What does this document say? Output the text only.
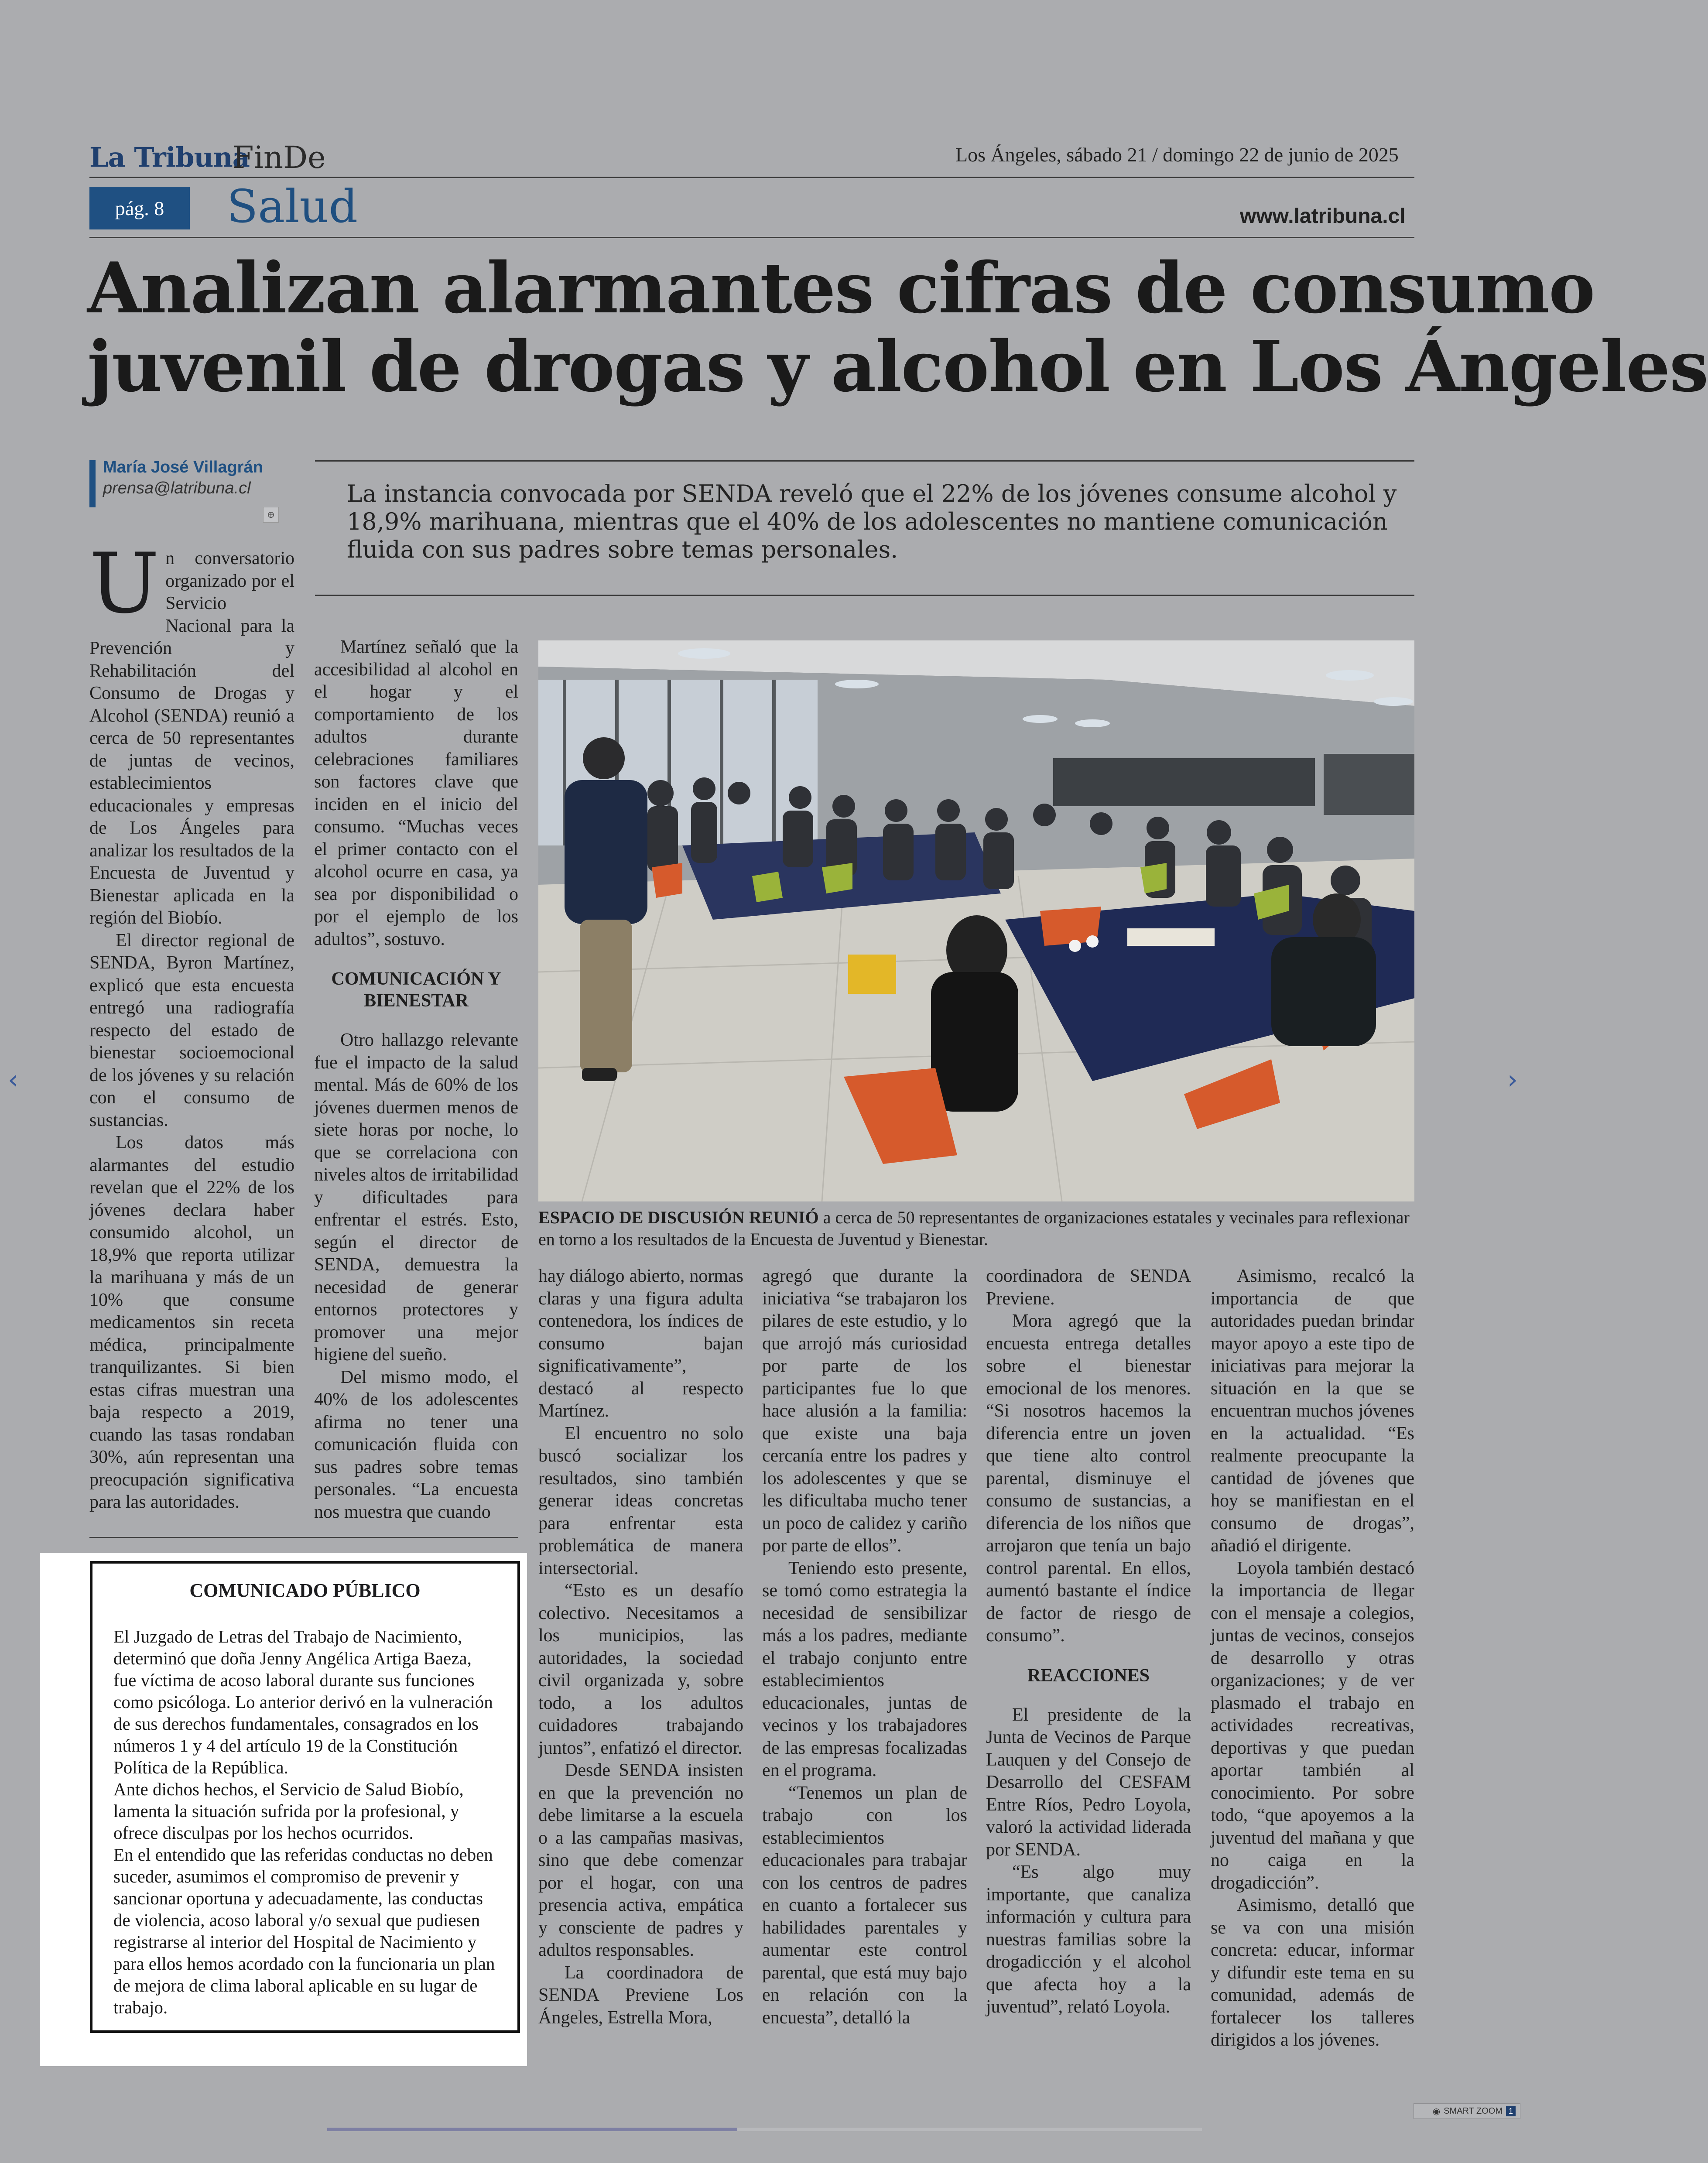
La Tribuna
FinDe	Los Ángeles, sábado 21 / domingo 22 de junio de 2025
pág. 8	Salud	www.latribuna.cl
Analizan alarmantes cifras de consumo
juvenil de drogas y alcohol en Los Ángeles
María José Villagrán
prensa@latribuna.cl
⊕
La instancia convocada por SENDA reveló que el 22% de los jóvenes consume alcohol y 18,9% marihuana, mientras que el 40% de los adolescentes no mantiene comunicación fluida con sus padres sobre temas personales.

Un conversatorio organizado por el Servicio Nacional para la Prevención y Rehabilitación del Consumo de Drogas y Alcohol (SENDA) reunió a cerca de 50 representantes de juntas de vecinos, establecimientos educacionales y empresas de Los Ángeles para analizar los resultados de la Encuesta de Juventud y Bienestar aplicada en la región del Biobío.

El director regional de SENDA, Byron Martínez, explicó que esta encuesta entregó una radiografía respecto del estado de bienestar socioemocional de los jóvenes y su relación con el consumo de sustancias.

Los datos más alarmantes del estudio revelan que el 22% de los jóvenes declara haber consumido alcohol, un 18,9% que reporta utilizar la marihuana y más de un 10% que consume medicamentos sin receta médica, principalmente tranquilizantes. Si bien estas cifras muestran una baja respecto a 2019, cuando las tasas rondaban 30%, aún representan una preocupación significativa para las autoridades.

Martínez señaló que la accesibilidad al alcohol en el hogar y el comportamiento de los adultos durante celebraciones familiares son factores clave que inciden en el inicio del consumo. “Muchas veces el primer contacto con el alcohol ocurre en casa, ya sea por disponibilidad o por el ejemplo de los adultos”, sostuvo.

COMUNICACIÓN Y BIENESTAR

Otro hallazgo relevante fue el impacto de la salud mental. Más de 60% de los jóvenes duermen menos de siete horas por noche, lo que se correlaciona con niveles altos de irritabilidad y dificultades para enfrentar el estrés. Esto, según el director de SENDA, demuestra la necesidad de generar entornos protectores y promover una mejor higiene del sueño.

Del mismo modo, el 40% de los adolescentes afirma no tener una comunicación fluida con sus padres sobre temas personales. “La encuesta nos muestra que cuando

ESPACIO DE DISCUSIÓN REUNIÓ a cerca de 50 representantes de organizaciones estatales y vecinales para reflexionar en torno a los resultados de la Encuesta de Juventud y Bienestar.

hay diálogo abierto, normas claras y una figura adulta contenedora, los índices de consumo bajan significativamente”, destacó al respecto Martínez.

El encuentro no solo buscó socializar los resultados, sino también generar ideas concretas para enfrentar esta problemática de manera intersectorial.

“Esto es un desafío colectivo. Necesitamos a los municipios, las autoridades, la sociedad civil organizada y, sobre todo, a los adultos cuidadores trabajando juntos”, enfatizó el director.

Desde SENDA insisten en que la prevención no debe limitarse a la escuela o a las campañas masivas, sino que debe comenzar por el hogar, con una presencia activa, empática y consciente de padres y adultos responsables.

La coordinadora de SENDA Previene Los Ángeles, Estrella Mora,

agregó que durante la iniciativa “se trabajaron los pilares de este estudio, y lo que arrojó más curiosidad por parte de los participantes fue lo que hace alusión a la familia: que existe una baja cercanía entre los padres y los adolescentes y que se les dificultaba mucho tener un poco de calidez y cariño por parte de ellos”.

Teniendo esto presente, se tomó como estrategia la necesidad de sensibilizar más a los padres, mediante el trabajo conjunto entre establecimientos educacionales, juntas de vecinos y los trabajadores de las empresas focalizadas en el programa.

“Tenemos un plan de trabajo con los establecimientos educacionales para trabajar con los centros de padres en cuanto a fortalecer sus habilidades parentales y aumentar este control parental, que está muy bajo en relación con la encuesta”, detalló la

coordinadora de SENDA Previene.

Mora agregó que la encuesta entrega detalles sobre el bienestar emocional de los menores. “Si nosotros hacemos la diferencia entre un joven que tiene alto control parental, disminuye el consumo de sustancias, a diferencia de los niños que arrojaron que tenía un bajo control parental. En ellos, aumentó bastante el índice de factor de riesgo de consumo”.

REACCIONES

El presidente de la Junta de Vecinos de Parque Lauquen y del Consejo de Desarrollo del CESFAM Entre Ríos, Pedro Loyola, valoró la actividad liderada por SENDA.

“Es algo muy importante, que canaliza información y cultura para nuestras familias sobre la drogadicción y el alcohol que afecta hoy a la juventud”, relató Loyola.

Asimismo, recalcó la importancia de que autoridades puedan brindar mayor apoyo a este tipo de iniciativas para mejorar la situación en la que se encuentran muchos jóvenes en la actualidad. “Es realmente preocupante la cantidad de jóvenes que hoy se manifiestan en el consumo de drogas”, añadió el dirigente.

Loyola también destacó la importancia de llegar con el mensaje a colegios, juntas de vecinos, consejos de desarrollo y otras organizaciones; y de ver plasmado el trabajo en actividades recreativas, deportivas y que puedan aportar también al conocimiento. Por sobre todo, “que apoyemos a la juventud del mañana y que no caiga en la drogadicción”.

Asimismo, detalló que se va con una misión concreta: educar, informar y difundir este tema en su comunidad, además de fortalecer los talleres dirigidos a los jóvenes.

COMUNICADO PÚBLICO

El Juzgado de Letras del Trabajo de Nacimiento, determinó que doña Jenny Angélica Artiga Baeza, fue víctima de acoso laboral durante sus funciones como psicóloga. Lo anterior derivó en la vulneración de sus derechos fundamentales, consagrados en los números 1 y 4 del artículo 19 de la Constitución Política de la República.

Ante dichos hechos, el Servicio de Salud Biobío, lamenta la situación sufrida por la profesional, y ofrece disculpas por los hechos ocurridos.

En el entendido que las referidas conductas no deben suceder, asumimos el compromiso de prevenir y sancionar oportuna y adecuadamente, las conductas de violencia, acoso laboral y/o sexual que pudiesen registrarse al interior del Hospital de Nacimiento y para ellos hemos acordado con la funcionaria un plan de mejora de clima laboral aplicable en su lugar de trabajo.

‹	›
◉ SMART ZOOM 1
